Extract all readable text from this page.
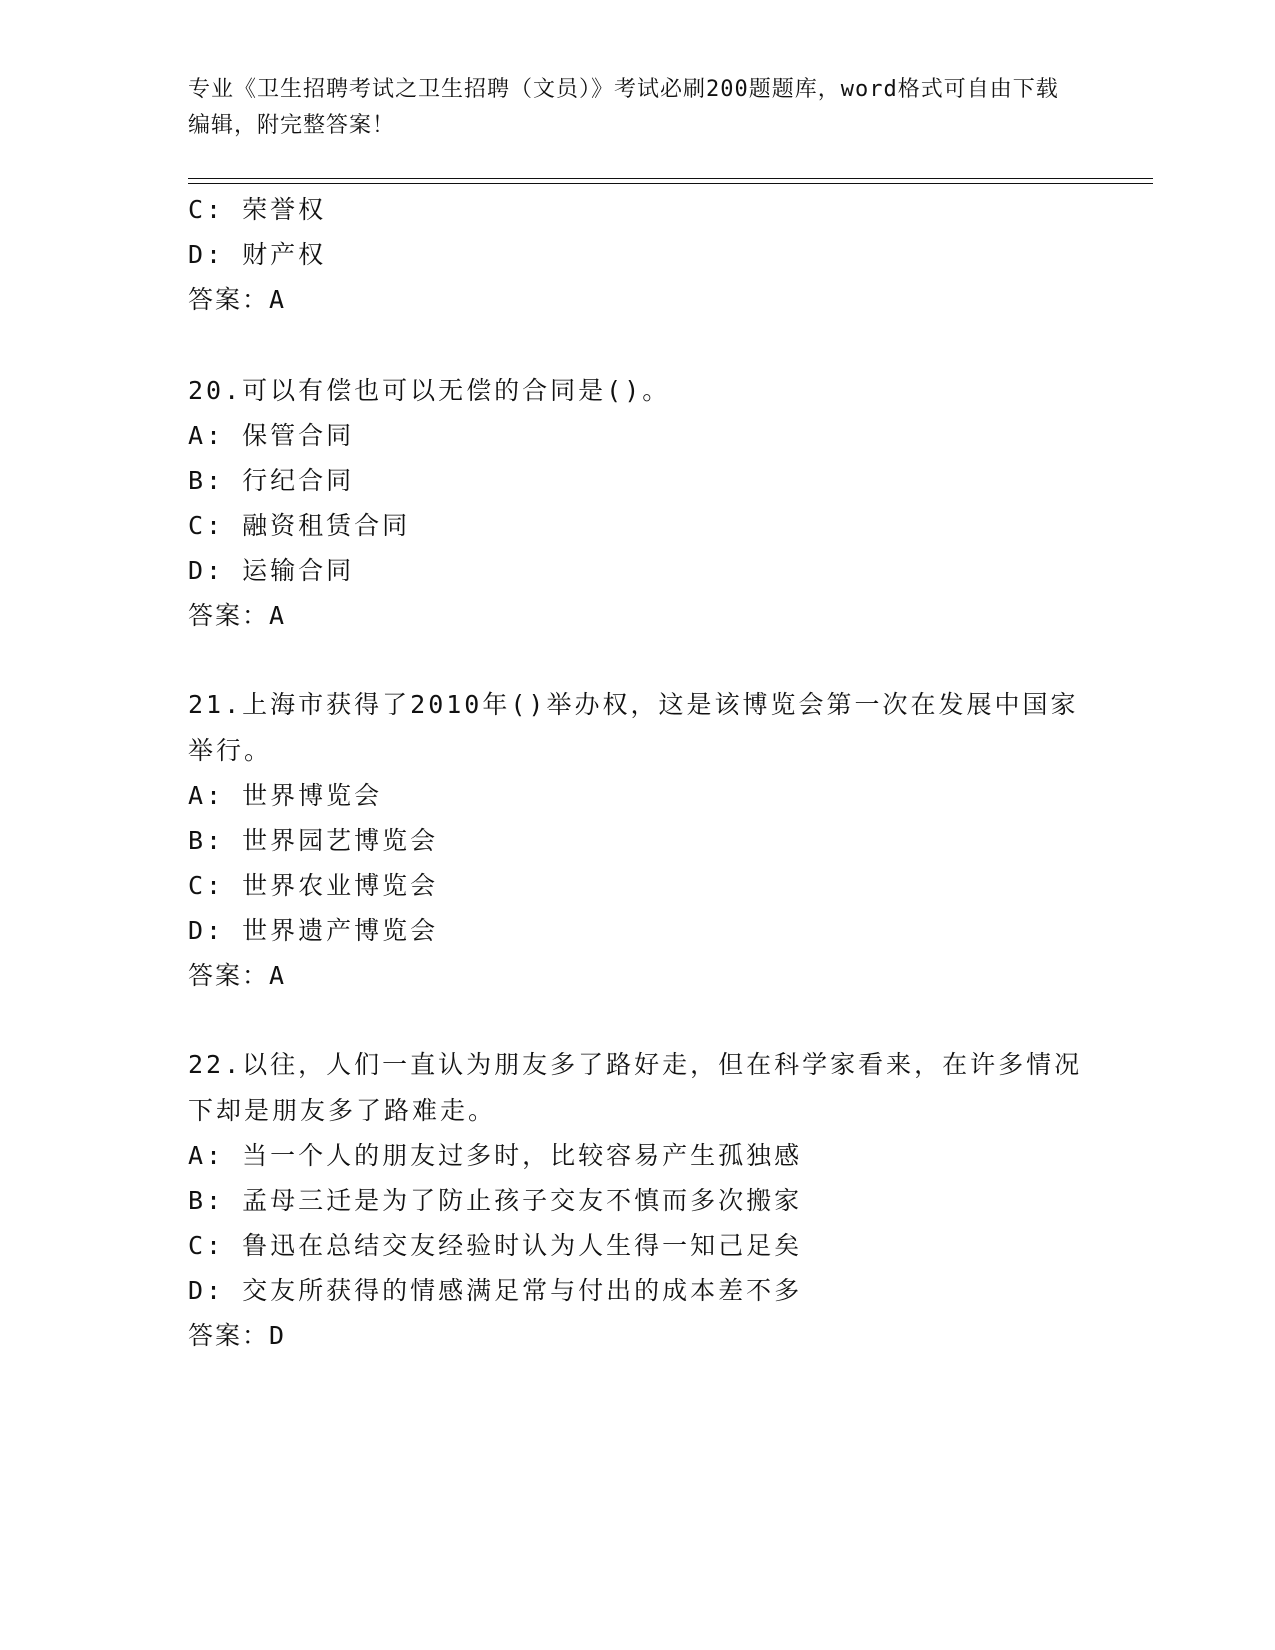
专业《卫生招聘考试之卫生招聘（文员）》考试必刷200题题库，word格式可自由下载编辑，附完整答案！

C: 荣誉权

D: 财产权

答案：A

20.可以有偿也可以无偿的合同是()。

A: 保管合同

B: 行纪合同

C: 融资租赁合同

D: 运输合同

答案：A

21.上海市获得了2010年()举办权，这是该博览会第一次在发展中国家举行。

A: 世界博览会

B: 世界园艺博览会

C: 世界农业博览会

D: 世界遗产博览会

答案：A

22.以往，人们一直认为朋友多了路好走，但在科学家看来，在许多情况下却是朋友多了路难走。

A: 当一个人的朋友过多时，比较容易产生孤独感

B: 孟母三迁是为了防止孩子交友不慎而多次搬家

C: 鲁迅在总结交友经验时认为人生得一知己足矣

D: 交友所获得的情感满足常与付出的成本差不多

答案：D
